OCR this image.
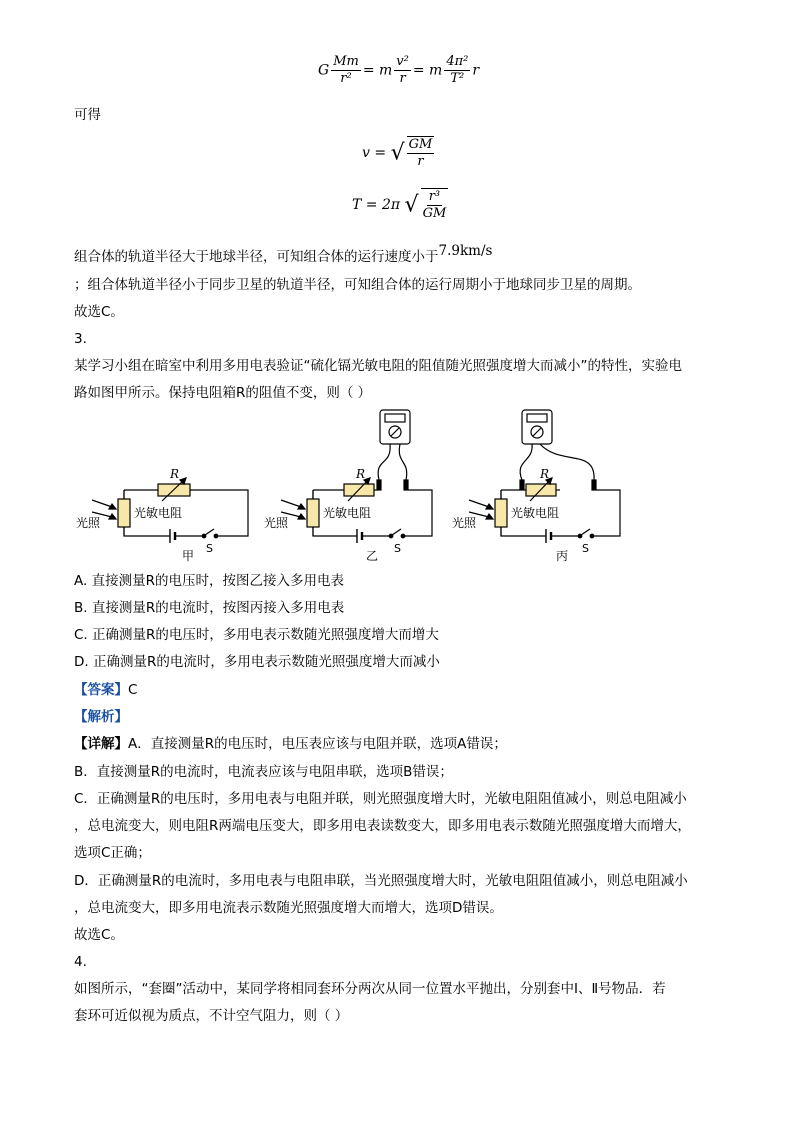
G $\frac{Mm}{\text{r²}} = m \frac{\text{v²}}{r} = m \frac{\text{4π²}}{\text{T²}}$ r
可得
v = √ $\frac{GM}{r}$
T = 2π √ $\frac{\text{r³}}{GM}$
组合体的轨道半径大于地球半径，可知组合体的运行速度小于7.9km/s
；组合体轨道半径小于同步卫星的轨道半径，可知组合体的运行周期小于地球同步卫星的周期。
故选C。
3.
某学习小组在暗室中利用多用电表验证“硫化镉光敏电阻的阻值随光照强度增大而减小”的特性，实验电
路如图甲所示。保持电阻箱R的阻值不变，则（ ）
R
光照
光敏电阻
S
甲
R
光照
光敏电阻
S
乙
R
光照
光敏电阻
S
丙
A. 直接测量R的电压时，按图乙接入多用电表
B. 直接测量R的电流时，按图丙接入多用电表
C. 正确测量R的电压时，多用电表示数随光照强度增大而增大
D. 正确测量R的电流时，多用电表示数随光照强度增大而减小
【答案】C
【解析】
【详解】A．直接测量R的电压时，电压表应该与电阻并联，选项A错误；
B．直接测量R的电流时，电流表应该与电阻串联，选项B错误；
C．正确测量R的电压时，多用电表与电阻并联，则光照强度增大时，光敏电阻阻值减小，则总电阻减小
，总电流变大，则电阻R两端电压变大，即多用电表读数变大，即多用电表示数随光照强度增大而增大，
选项C正确；
D．正确测量R的电流时，多用电表与电阻串联，当光照强度增大时，光敏电阻阻值减小，则总电阻减小
，总电流变大，即多用电流表示数随光照强度增大而增大，选项D错误。
故选C。
4.
如图所示，“套圈”活动中，某同学将相同套环分两次从同一位置水平抛出，分别套中Ⅰ、Ⅱ号物品．若
套环可近似视为质点，不计空气阻力，则（ ）
